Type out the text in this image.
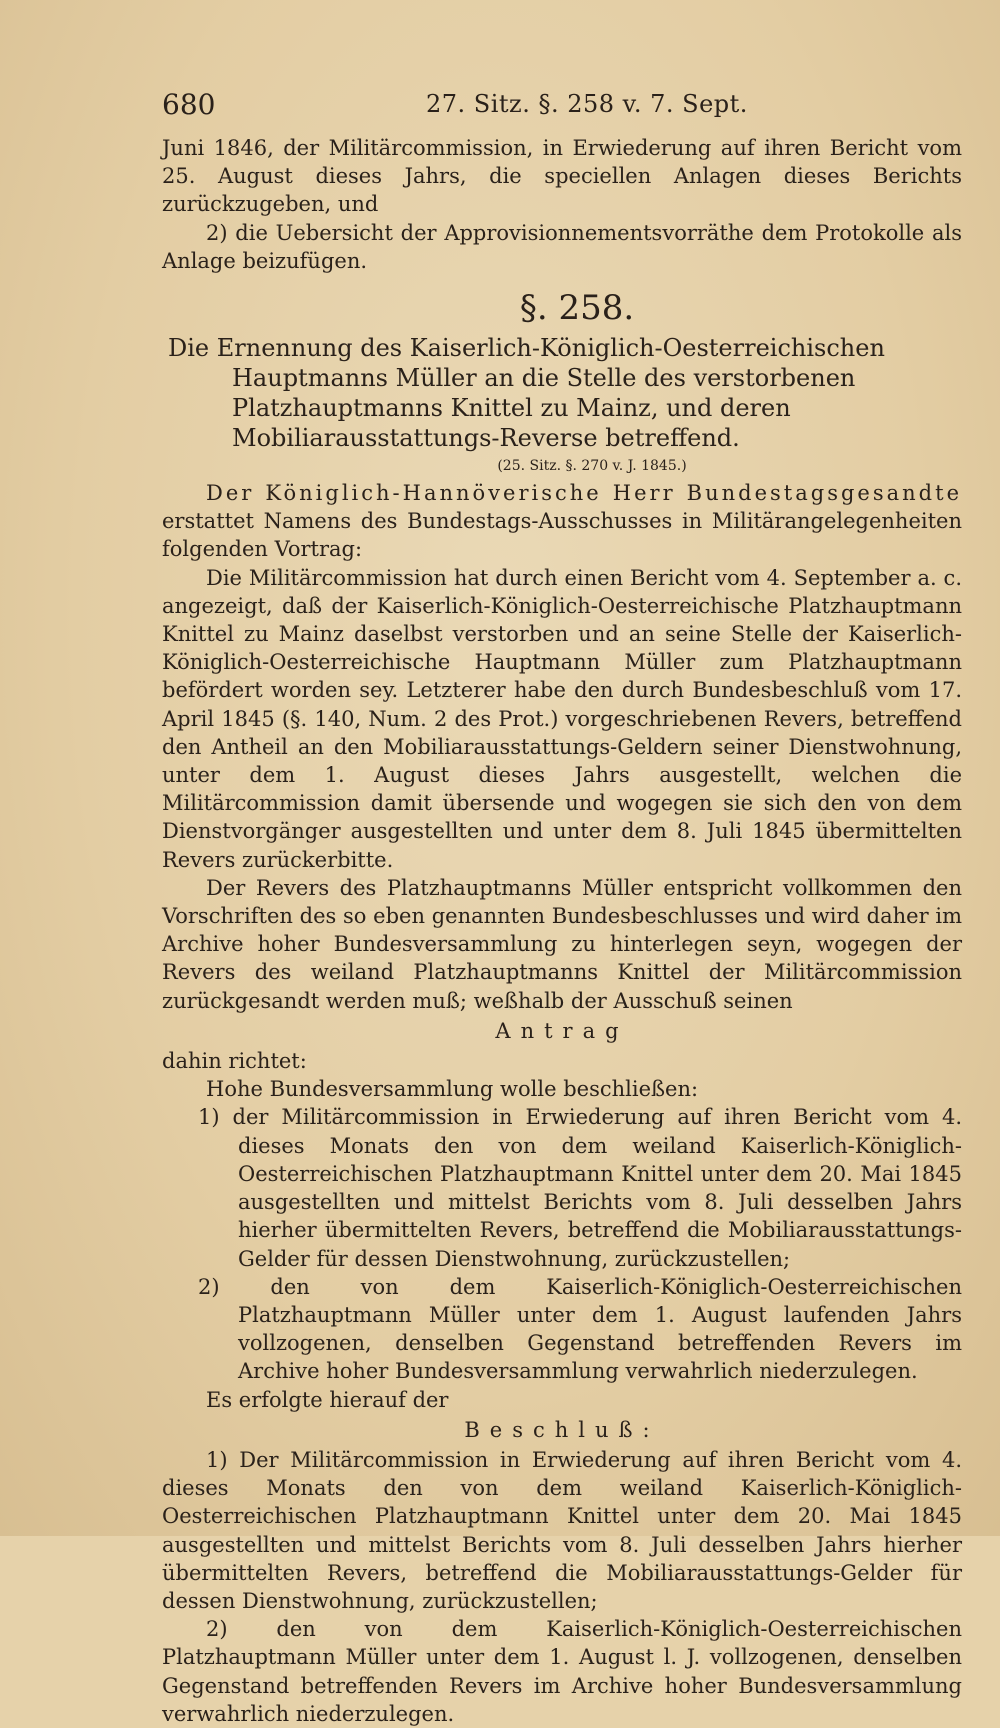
680	27. Sitz. §. 258 v. 7. Sept.

Juni 1846, der Militärcommission, in Erwiederung auf ihren Bericht vom 25. August dieses Jahrs, die speciellen Anlagen dieses Berichts zurückzugeben, und

2) die Uebersicht der Approvisionnementsvorräthe dem Protokolle als Anlage beizufügen.

§. 258.

Die Ernennung des Kaiserlich-Königlich-Oesterreichischen Hauptmanns Müller an die Stelle des verstorbenen Platzhauptmanns Knittel zu Mainz, und deren Mobiliarausstattungs-Reverse betreffend.

(25. Sitz. §. 270 v. J. 1845.)

Der Königlich-Hannöverische Herr Bundestagsgesandte erstattet Namens des Bundestags-Ausschusses in Militärangelegenheiten folgenden Vortrag:

Die Militärcommission hat durch einen Bericht vom 4. September a. c. angezeigt, daß der Kaiserlich-Königlich-Oesterreichische Platzhauptmann Knittel zu Mainz daselbst verstorben und an seine Stelle der Kaiserlich-Königlich-Oesterreichische Hauptmann Müller zum Platzhauptmann befördert worden sey. Letzterer habe den durch Bundesbeschluß vom 17. April 1845 (§. 140, Num. 2 des Prot.) vorgeschriebenen Revers, betreffend den Antheil an den Mobiliarausstattungs-Geldern seiner Dienstwohnung, unter dem 1. August dieses Jahrs ausgestellt, welchen die Militärcommission damit übersende und wogegen sie sich den von dem Dienstvorgänger ausgestellten und unter dem 8. Juli 1845 übermittelten Revers zurückerbitte.

Der Revers des Platzhauptmanns Müller entspricht vollkommen den Vorschriften des so eben genannten Bundesbeschlusses und wird daher im Archive hoher Bundesversammlung zu hinterlegen seyn, wogegen der Revers des weiland Platzhauptmanns Knittel der Militärcommission zurückgesandt werden muß; weßhalb der Ausschuß seinen

Antrag

dahin richtet:

Hohe Bundesversammlung wolle beschließen:

1) der Militärcommission in Erwiederung auf ihren Bericht vom 4. dieses Monats den von dem weiland Kaiserlich-Königlich-Oesterreichischen Platzhauptmann Knittel unter dem 20. Mai 1845 ausgestellten und mittelst Berichts vom 8. Juli desselben Jahrs hierher übermittelten Revers, betreffend die Mobiliarausstattungs-Gelder für dessen Dienstwohnung, zurückzustellen;

2) den von dem Kaiserlich-Königlich-Oesterreichischen Platzhauptmann Müller unter dem 1. August laufenden Jahrs vollzogenen, denselben Gegenstand betreffenden Revers im Archive hoher Bundesversammlung verwahrlich niederzulegen.

Es erfolgte hierauf der

Beschluß:

1) Der Militärcommission in Erwiederung auf ihren Bericht vom 4. dieses Monats den von dem weiland Kaiserlich-Königlich-Oesterreichischen Platzhauptmann Knittel unter dem 20. Mai 1845 ausgestellten und mittelst Berichts vom 8. Juli desselben Jahrs hierher übermittelten Revers, betreffend die Mobiliarausstattungs-Gelder für dessen Dienstwohnung, zurückzustellen;

2) den von dem Kaiserlich-Königlich-Oesterreichischen Platzhauptmann Müller unter dem 1. August l. J. vollzogenen, denselben Gegenstand betreffenden Revers im Archive hoher Bundesversammlung verwahrlich niederzulegen.
